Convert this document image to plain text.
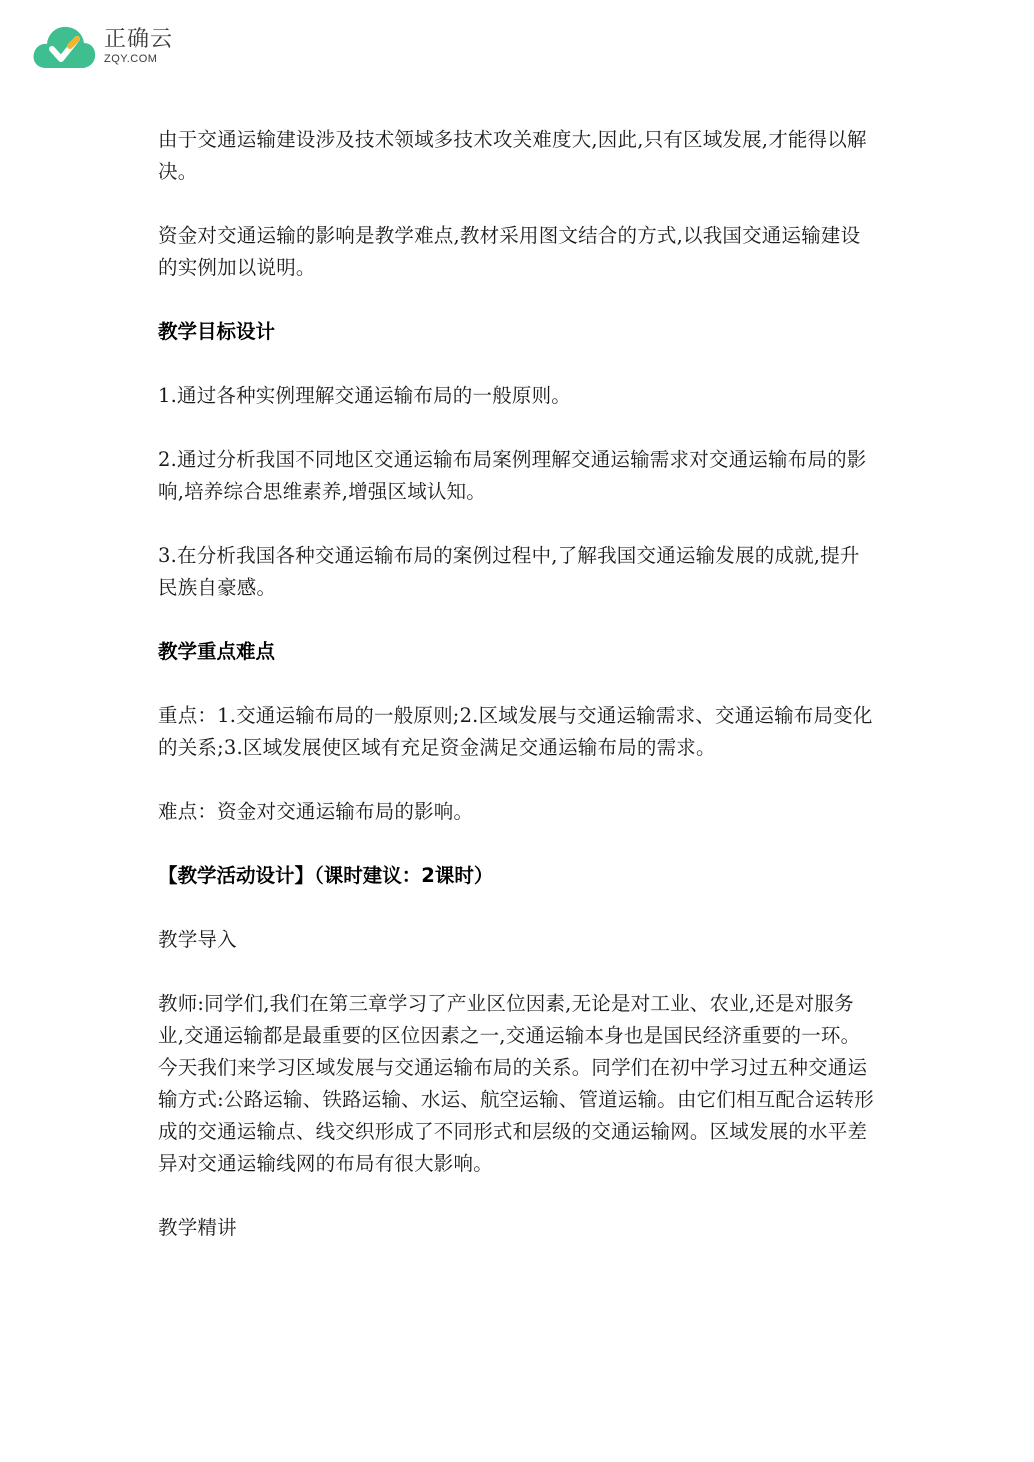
正确云
ZQY.COM

由于交通运输建设涉及技术领域多技术攻关难度大,因此,只有区域发展,才能得以解决。

资金对交通运输的影响是教学难点,教材采用图文结合的方式,以我国交通运输建设的实例加以说明。

教学目标设计

1.通过各种实例理解交通运输布局的一般原则。

2.通过分析我国不同地区交通运输布局案例理解交通运输需求对交通运输布局的影响,培养综合思维素养,增强区域认知。

3.在分析我国各种交通运输布局的案例过程中,了解我国交通运输发展的成就,提升民族自豪感。

教学重点难点

重点：1.交通运输布局的一般原则;2.区域发展与交通运输需求、交通运输布局变化的关系;3.区域发展使区域有充足资金满足交通运输布局的需求。

难点：资金对交通运输布局的影响。

【教学活动设计】（课时建议：2课时）

教学导入

教师:同学们,我们在第三章学习了产业区位因素,无论是对工业、农业,还是对服务业,交通运输都是最重要的区位因素之一,交通运输本身也是国民经济重要的一环。今天我们来学习区域发展与交通运输布局的关系。同学们在初中学习过五种交通运输方式:公路运输、铁路运输、水运、航空运输、管道运输。由它们相互配合运转形成的交通运输点、线交织形成了不同形式和层级的交通运输网。区域发展的水平差异对交通运输线网的布局有很大影响。

教学精讲
